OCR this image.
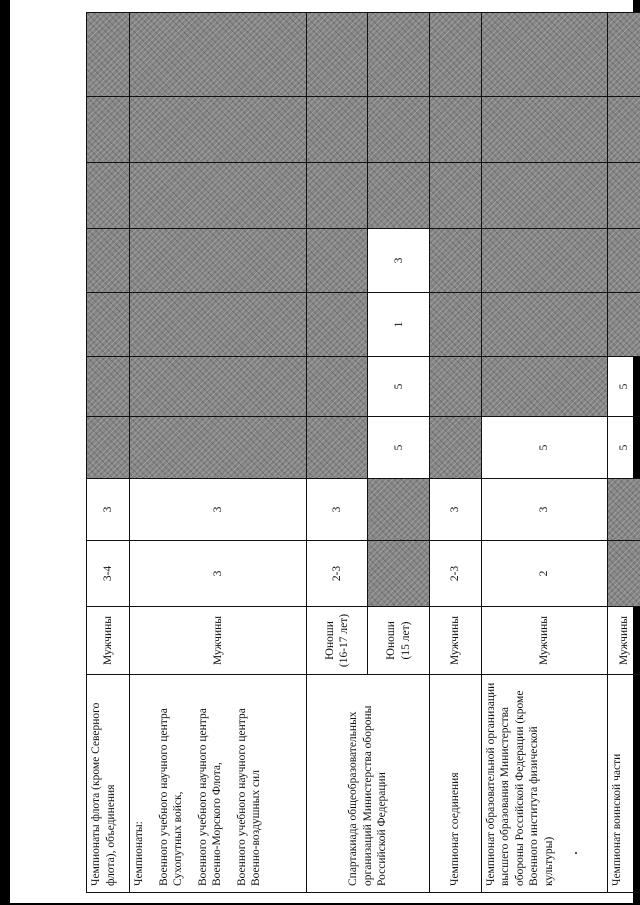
Чемпионаты флота (кроме Северного флота), объединения	Мужчины	3-4	3							

Чемпионаты: Военного учебного научного центра Сухопутных войск, Военного учебного научного центра Военно-Морского Флота, Военного учебного научного центра Военно-воздушных сил	Мужчины	3	3							

Спартакиада общеобразовательных организаций Министерства обороны Российской Федерации	Юноши (16-17 лет)	2-3	3							
	Юноши (15 лет)			5	5	1	3			

Чемпионат соединения	Мужчины	2-3	3							

Чемпионат образовательной организации высшего образования Министерства обороны Российской Федерации (кроме Военного института физической культуры)	Мужчины	2	3	5						

Чемпионат воинской части	Мужчины			5	5					
